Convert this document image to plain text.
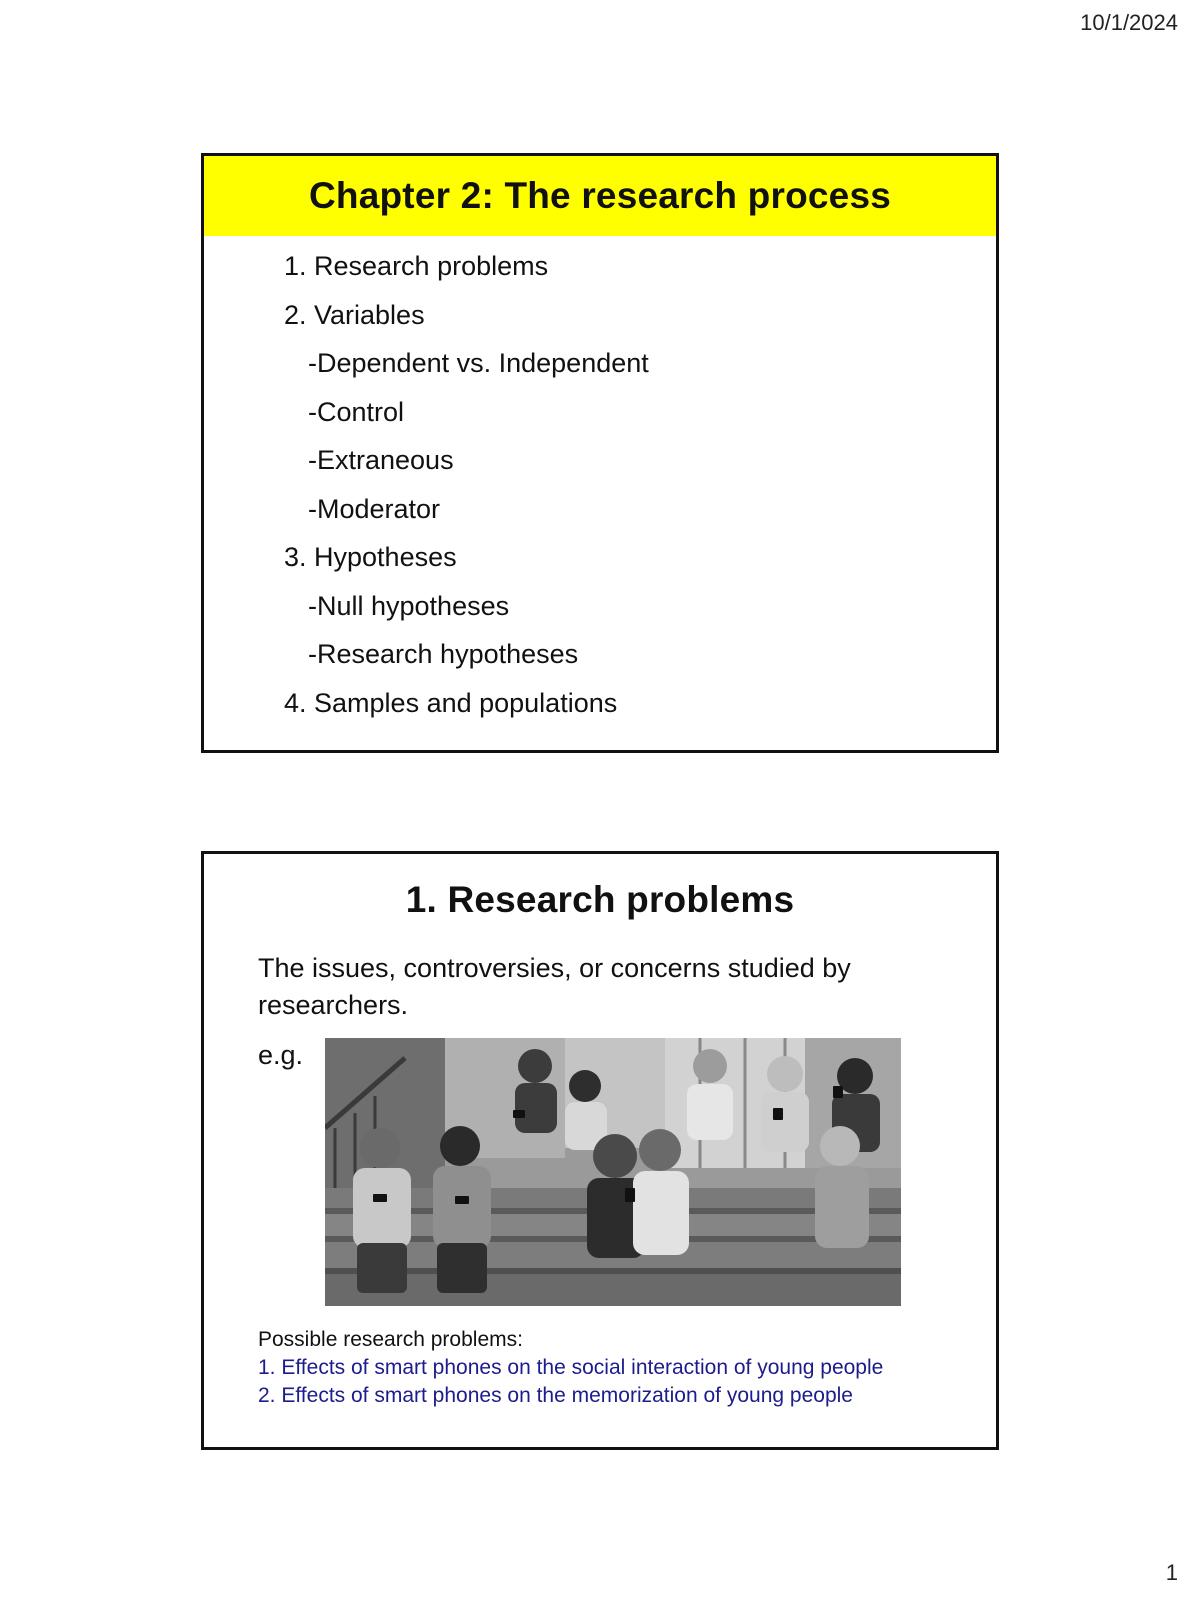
10/1/2024
Chapter 2: The research process
1. Research problems
2. Variables
-Dependent vs. Independent
-Control
-Extraneous
-Moderator
3. Hypotheses
-Null hypotheses
-Research hypotheses
4. Samples and populations
1. Research problems

The issues, controversies, or concerns studied by researchers.

e.g.
Possible research problems:
1. Effects of smart phones on the social interaction of young people
2. Effects of smart phones on the memorization of young people
1
